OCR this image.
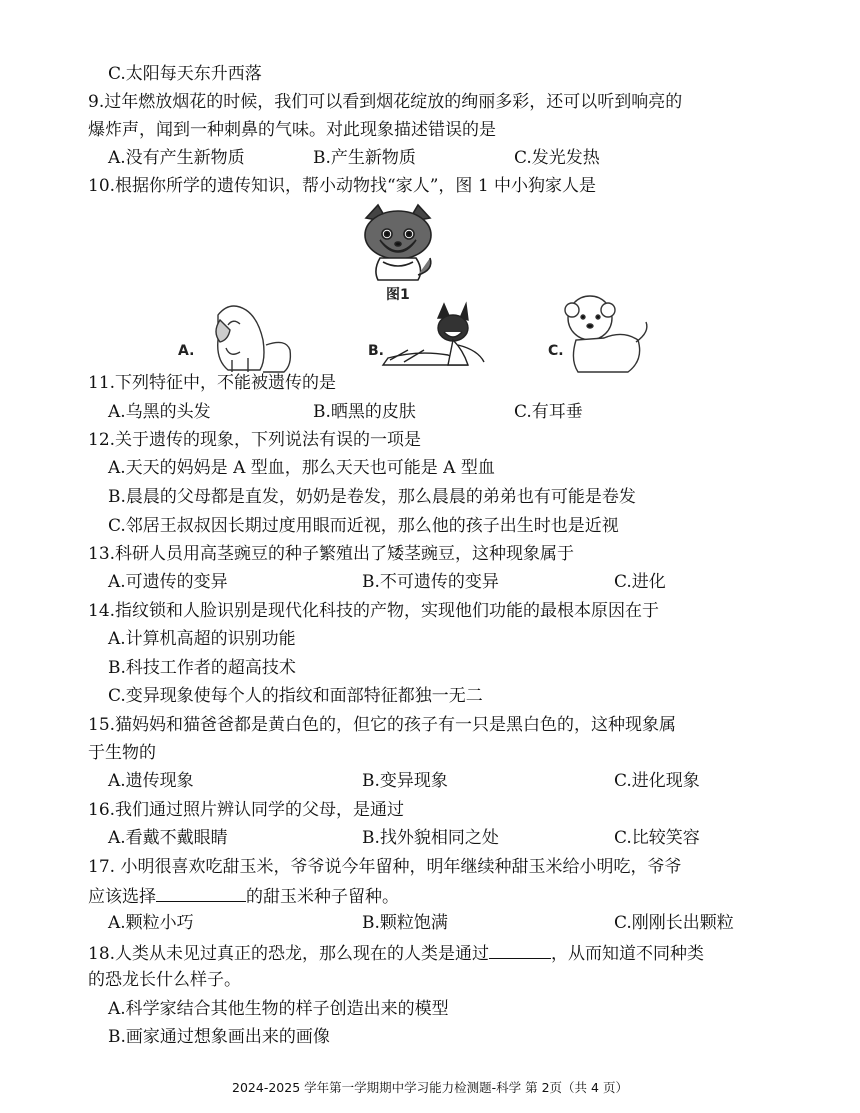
C.太阳每天东升西落
9.过年燃放烟花的时候，我们可以看到烟花绽放的绚丽多彩，还可以听到响亮的
爆炸声，闻到一种刺鼻的气味。对此现象描述错误的是
A.没有产生新物质	B.产生新物质	C.发光发热
10.根据你所学的遗传知识，帮小动物找“家人”，图 1 中小狗家人是
图1
A.	B.	C.
11.下列特征中，不能被遗传的是
A.乌黑的头发	B.晒黑的皮肤	C.有耳垂
12.关于遗传的现象，下列说法有误的一项是
A.天天的妈妈是 A 型血，那么天天也可能是 A 型血
B.晨晨的父母都是直发，奶奶是卷发，那么晨晨的弟弟也有可能是卷发
C.邻居王叔叔因长期过度用眼而近视，那么他的孩子出生时也是近视
13.科研人员用高茎豌豆的种子繁殖出了矮茎豌豆，这种现象属于
A.可遗传的变异	B.不可遗传的变异	C.进化
14.指纹锁和人脸识别是现代化科技的产物，实现他们功能的最根本原因在于
A.计算机高超的识别功能
B.科技工作者的超高技术
C.变异现象使每个人的指纹和面部特征都独一无二
15.猫妈妈和猫爸爸都是黄白色的，但它的孩子有一只是黑白色的，这种现象属
于生物的
A.遗传现象	B.变异现象	C.进化现象
16.我们通过照片辨认同学的父母，是通过
A.看戴不戴眼睛	B.找外貌相同之处	C.比较笑容
17. 小明很喜欢吃甜玉米，爷爷说今年留种，明年继续种甜玉米给小明吃，爷爷
应该选择	的甜玉米种子留种。
A.颗粒小巧	B.颗粒饱满	C.刚刚长出颗粒
18.人类从未见过真正的恐龙，那么现在的人类是通过	，从而知道不同种类
的恐龙长什么样子。
A.科学家结合其他生物的样子创造出来的模型
B.画家通过想象画出来的画像
2024-2025 学年第一学期期中学习能力检测题-科学 第 2页（共 4 页）
